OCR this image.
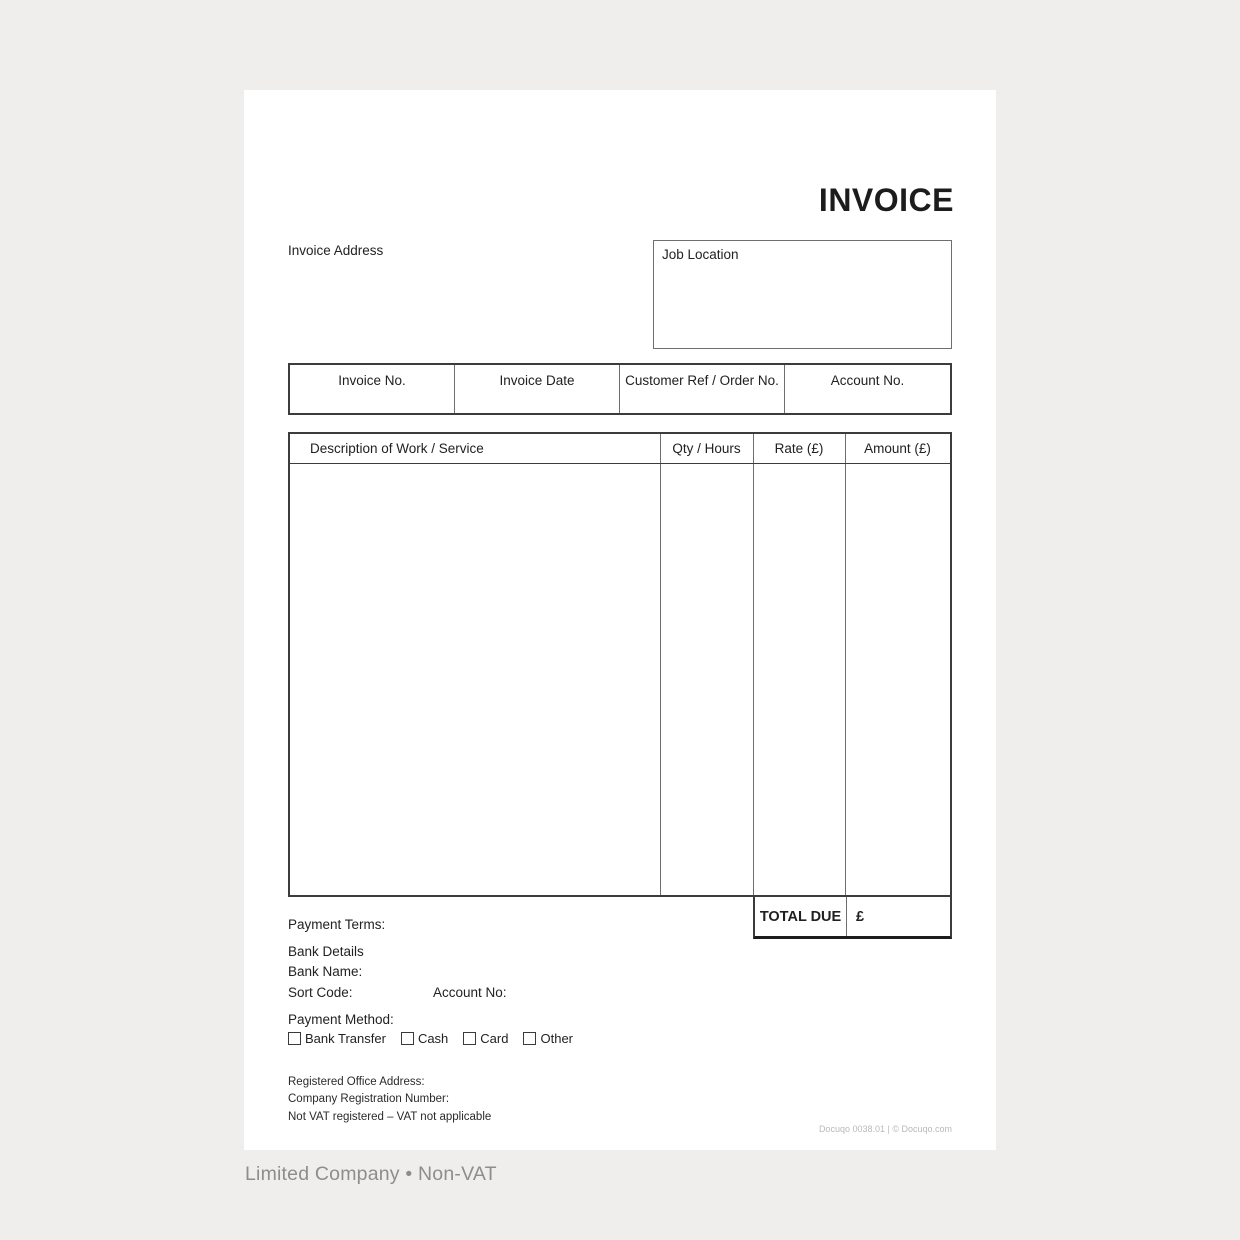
INVOICE
Invoice Address	Job Location
Invoice No.	Invoice Date	Customer Ref / Order No.	Account No.
Description of Work / Service	Qty / Hours	Rate (£)	Amount (£)
TOTAL DUE	£
Payment Terms:
Bank Details
Bank Name:
Sort Code:	Account No:
Payment Method:
Bank Transfer Cash Card Other
Registered Office Address:
Company Registration Number:
Not VAT registered – VAT not applicable
Docuqo 0038.01 | © Docuqo.com
Limited Company • Non-VAT
